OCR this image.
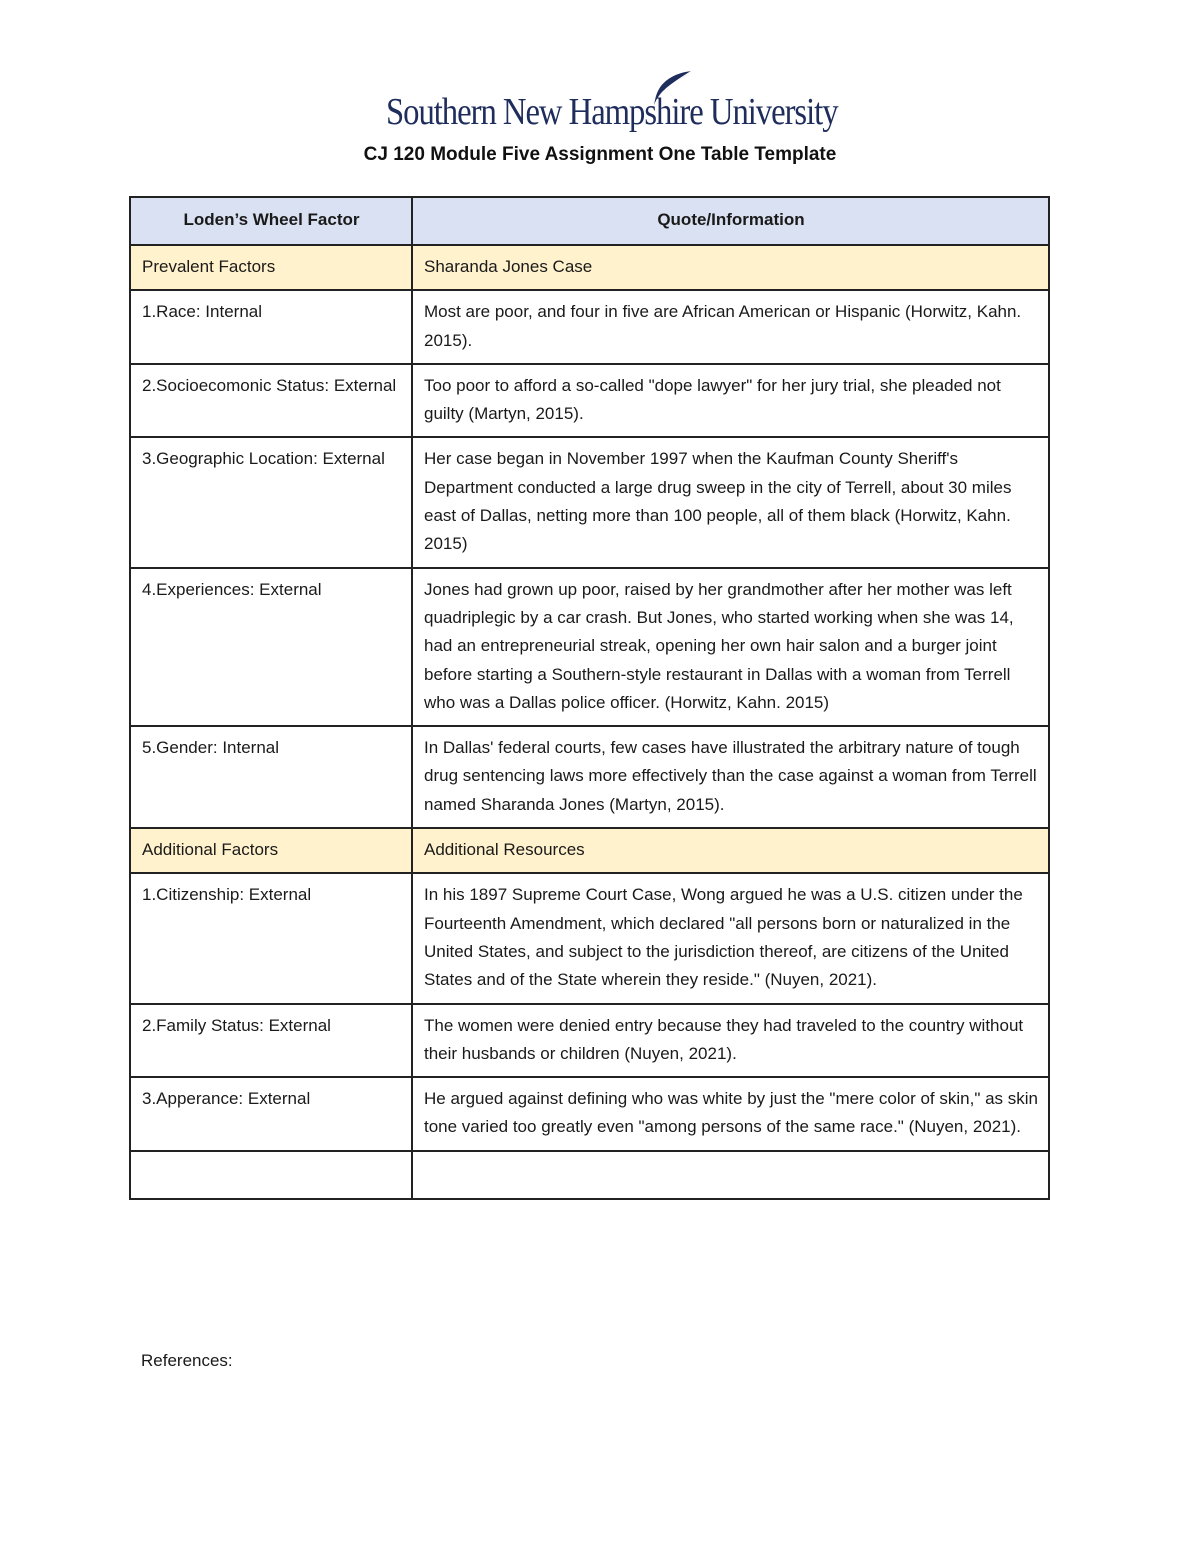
Southern New Hampshire University
CJ 120 Module Five Assignment One Table Template
Loden’s Wheel Factor	Quote/Information
Prevalent Factors	Sharanda Jones Case
1.Race: Internal	Most are poor, and four in five are African American or Hispanic (Horwitz, Kahn. 2015).
2.Socioecomonic Status: External	Too poor to afford a so-called "dope lawyer" for her jury trial, she pleaded not guilty (Martyn, 2015).
3.Geographic Location: External	Her case began in November 1997 when the Kaufman County Sheriff's Department conducted a large drug sweep in the city of Terrell, about 30 miles east of Dallas, netting more than 100 people, all of them black (Horwitz, Kahn. 2015)
4.Experiences: External	Jones had grown up poor, raised by her grandmother after her mother was left quadriplegic by a car crash. But Jones, who started working when she was 14, had an entrepreneurial streak, opening her own hair salon and a burger joint before starting a Southern-style restaurant in Dallas with a woman from Terrell who was a Dallas police officer. (Horwitz, Kahn. 2015)
5.Gender: Internal	In Dallas' federal courts, few cases have illustrated the arbitrary nature of tough drug sentencing laws more effectively than the case against a woman from Terrell named Sharanda Jones (Martyn, 2015).
Additional Factors	Additional Resources
1.Citizenship: External	In his 1897 Supreme Court Case, Wong argued he was a U.S. citizen under the Fourteenth Amendment, which declared "all persons born or naturalized in the United States, and subject to the jurisdiction thereof, are citizens of the United States and of the State wherein they reside." (Nuyen, 2021).
2.Family Status: External	The women were denied entry because they had traveled to the country without their husbands or children (Nuyen, 2021).
3.Apperance: External	He argued against defining who was white by just the "mere color of skin," as skin tone varied too greatly even "among persons of the same race." (Nuyen, 2021).

References:
